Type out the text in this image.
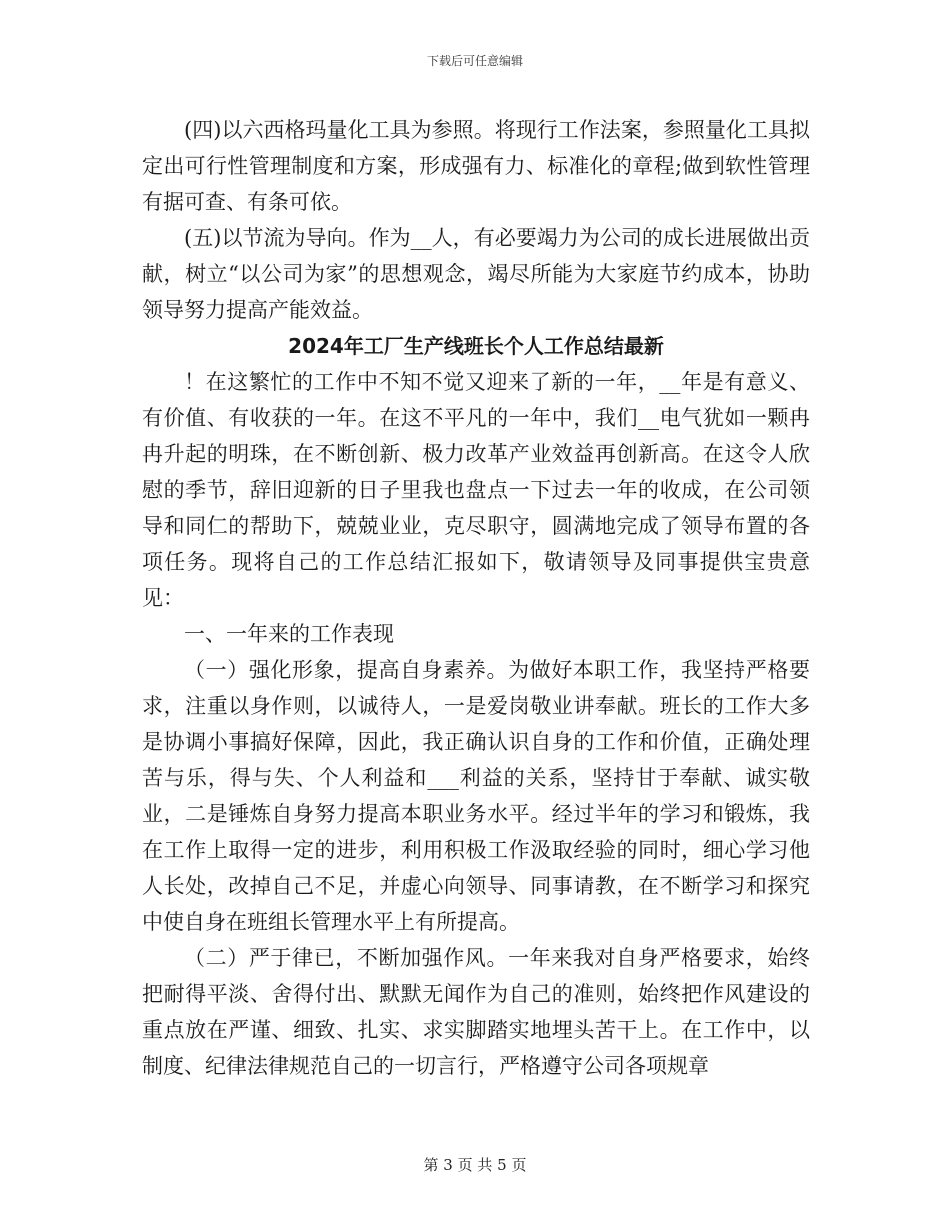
下载后可任意编辑

(四)以六西格玛量化工具为参照。将现行工作法案，参照量化工具拟定出可行性管理制度和方案，形成强有力、标准化的章程;做到软性管理有据可查、有条可依。

(五)以节流为导向。作为__人，有必要竭力为公司的成长进展做出贡献，树立“以公司为家”的思想观念，竭尽所能为大家庭节约成本，协助领导努力提高产能效益。

2024年工厂生产线班长个人工作总结最新

！在这繁忙的工作中不知不觉又迎来了新的一年，__年是有意义、有价值、有收获的一年。在这不平凡的一年中，我们__电气犹如一颗冉冉升起的明珠，在不断创新、极力改革产业效益再创新高。在这令人欣慰的季节，辞旧迎新的日子里我也盘点一下过去一年的收成，在公司领导和同仁的帮助下，兢兢业业，克尽职守，圆满地完成了领导布置的各项任务。现将自己的工作总结汇报如下，敬请领导及同事提供宝贵意见：

一、一年来的工作表现

（一）强化形象，提高自身素养。为做好本职工作，我坚持严格要求，注重以身作则，以诚待人，一是爱岗敬业讲奉献。班长的工作大多是协调小事搞好保障，因此，我正确认识自身的工作和价值，正确处理苦与乐，得与失、个人利益和___利益的关系，坚持甘于奉献、诚实敬业，二是锤炼自身努力提高本职业务水平。经过半年的学习和锻炼，我在工作上取得一定的进步，利用积极工作汲取经验的同时，细心学习他人长处，改掉自己不足，并虚心向领导、同事请教，在不断学习和探究中使自身在班组长管理水平上有所提高。

（二）严于律已，不断加强作风。一年来我对自身严格要求，始终把耐得平淡、舍得付出、默默无闻作为自己的准则，始终把作风建设的重点放在严谨、细致、扎实、求实脚踏实地埋头苦干上。在工作中，以制度、纪律法律规范自己的一切言行，严格遵守公司各项规章

第 3 页 共 5 页
